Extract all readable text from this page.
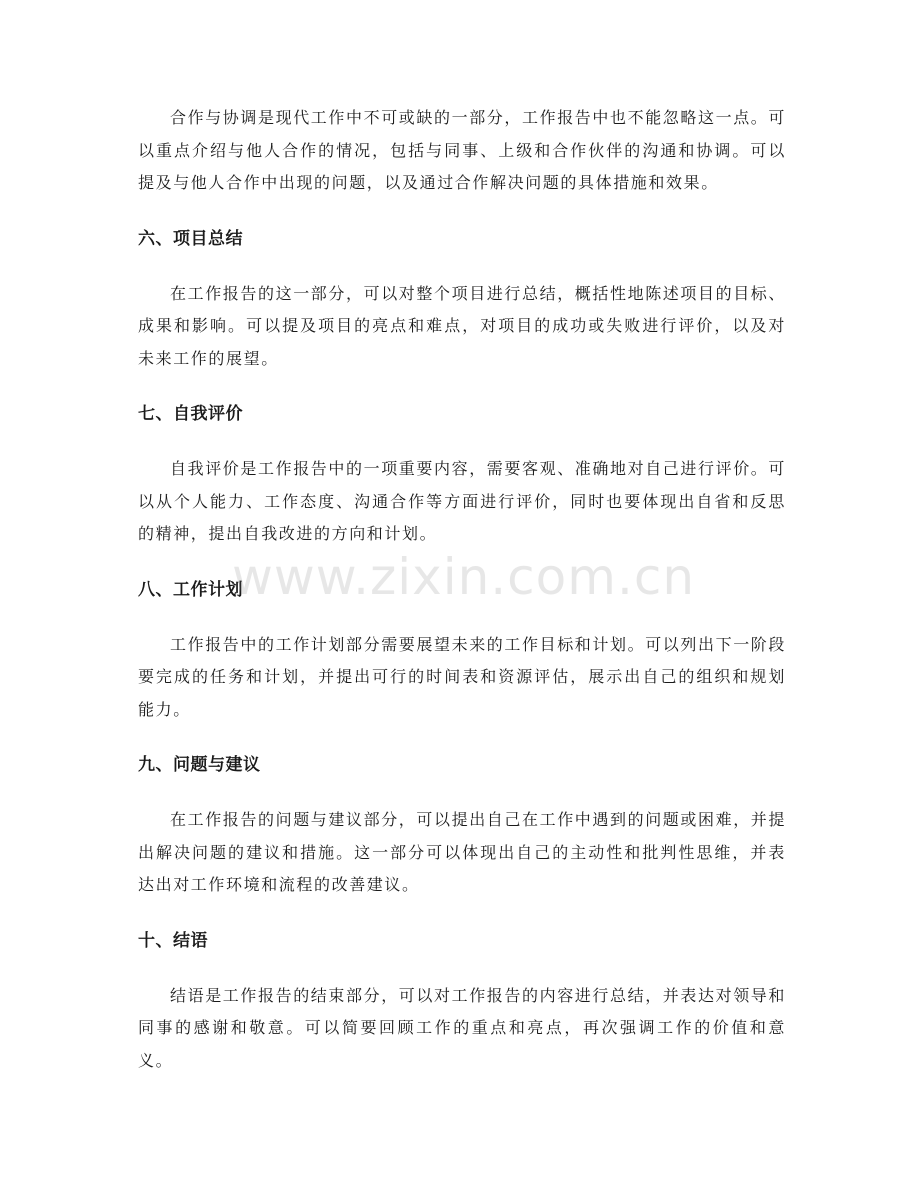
合作与协调是现代工作中不可或缺的一部分，工作报告中也不能忽略这一点。可以重点介绍与他人合作的情况，包括与同事、上级和合作伙伴的沟通和协调。可以提及与他人合作中出现的问题，以及通过合作解决问题的具体措施和效果。

六、项目总结

在工作报告的这一部分，可以对整个项目进行总结，概括性地陈述项目的目标、成果和影响。可以提及项目的亮点和难点，对项目的成功或失败进行评价，以及对未来工作的展望。

七、自我评价

自我评价是工作报告中的一项重要内容，需要客观、准确地对自己进行评价。可以从个人能力、工作态度、沟通合作等方面进行评价，同时也要体现出自省和反思的精神，提出自我改进的方向和计划。

八、工作计划

工作报告中的工作计划部分需要展望未来的工作目标和计划。可以列出下一阶段要完成的任务和计划，并提出可行的时间表和资源评估，展示出自己的组织和规划能力。

九、问题与建议

在工作报告的问题与建议部分，可以提出自己在工作中遇到的问题或困难，并提出解决问题的建议和措施。这一部分可以体现出自己的主动性和批判性思维，并表达出对工作环境和流程的改善建议。

十、结语

结语是工作报告的结束部分，可以对工作报告的内容进行总结，并表达对领导和同事的感谢和敬意。可以简要回顾工作的重点和亮点，再次强调工作的价值和意义。

www.zixin.com.cn
